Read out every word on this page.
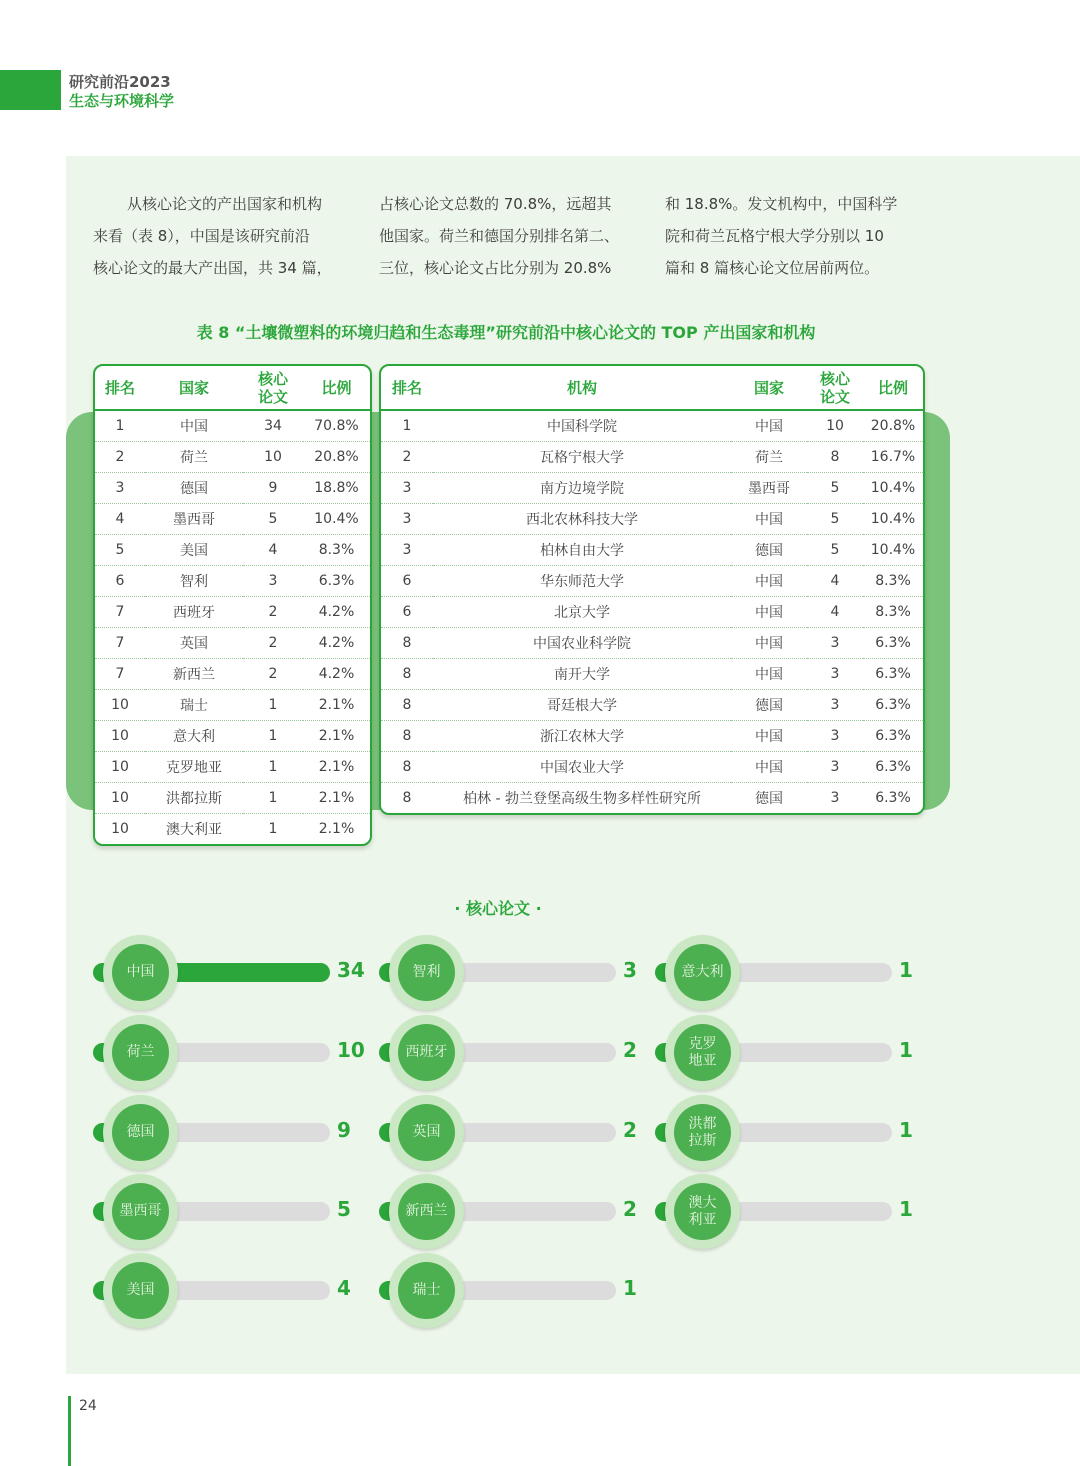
研究前沿2023
生态与环境科学
从核心论文的产出国家和机构
来看（表 8），中国是该研究前沿
核心论文的最大产出国，共 34 篇，
占核心论文总数的 70.8%，远超其
他国家。荷兰和德国分别排名第二、
三位，核心论文占比分别为 20.8%
和 18.8%。发文机构中，中国科学
院和荷兰瓦格宁根大学分别以 10
篇和 8 篇核心论文位居前两位。
表 8 “土壤微塑料的环境归趋和生态毒理”研究前沿中核心论文的 TOP 产出国家和机构
排名	国家	核心
论文	比例
1	中国	34	70.8%
2	荷兰	10	20.8%
3	德国	9	18.8%
4	墨西哥	5	10.4%
5	美国	4	8.3%
6	智利	3	6.3%
7	西班牙	2	4.2%
7	英国	2	4.2%
7	新西兰	2	4.2%
10	瑞士	1	2.1%
10	意大利	1	2.1%
10	克罗地亚	1	2.1%
10	洪都拉斯	1	2.1%
10	澳大利亚	1	2.1%
排名	机构	国家	核心
论文	比例
1	中国科学院	中国	10	20.8%
2	瓦格宁根大学	荷兰	8	16.7%
3	南方边境学院	墨西哥	5	10.4%
3	西北农林科技大学	中国	5	10.4%
3	柏林自由大学	德国	5	10.4%
6	华东师范大学	中国	4	8.3%
6	北京大学	中国	4	8.3%
8	中国农业科学院	中国	3	6.3%
8	南开大学	中国	3	6.3%
8	哥廷根大学	德国	3	6.3%
8	浙江农林大学	中国	3	6.3%
8	中国农业大学	中国	3	6.3%
8	柏林 - 勃兰登堡高级生物多样性研究所	德国	3	6.3%
· 核心论文 ·
中国	34
荷兰	10
德国	9
墨西哥	5
美国	4
智利	3
西班牙	2
英国	2
新西兰	2
瑞士	1
意大利	1
克罗
地亚	1
洪都
拉斯	1
澳大
利亚	1
24
